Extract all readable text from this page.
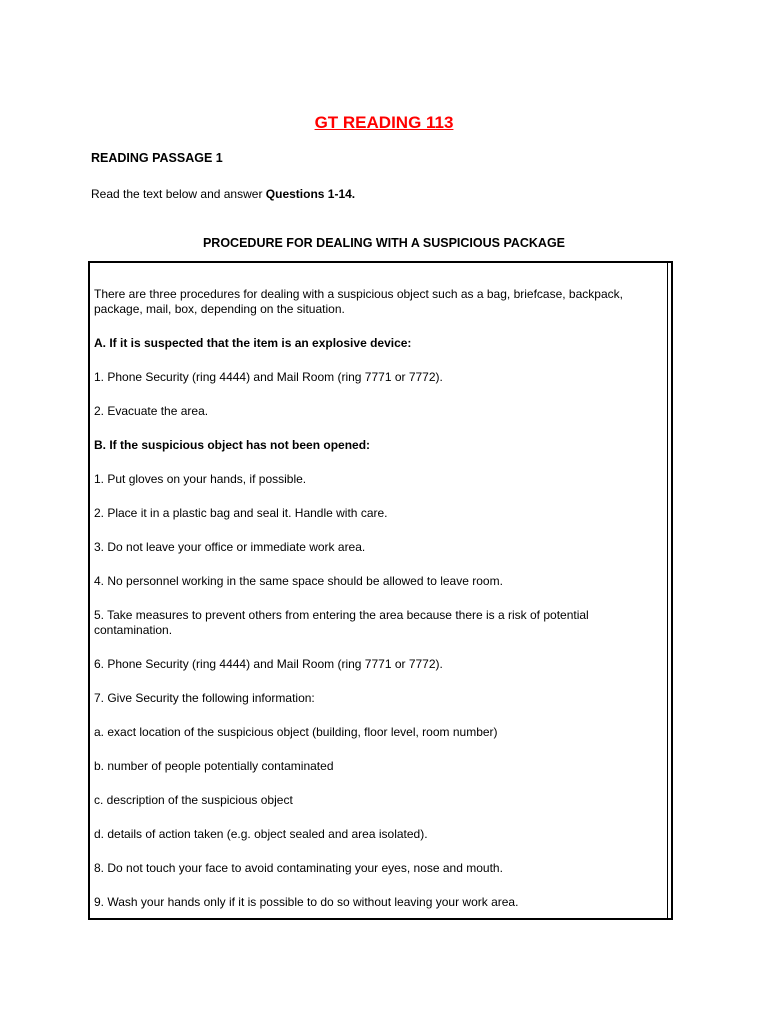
GT READING 113

READING PASSAGE 1

Read the text below and answer Questions 1-14.

PROCEDURE FOR DEALING WITH A SUSPICIOUS PACKAGE

There are three procedures for dealing with a suspicious object such as a bag, briefcase, backpack, package, mail, box, depending on the situation.

A. If it is suspected that the item is an explosive device:

1. Phone Security (ring 4444) and Mail Room (ring 7771 or 7772).

2. Evacuate the area.

B. If the suspicious object has not been opened:

1. Put gloves on your hands, if possible.

2. Place it in a plastic bag and seal it. Handle with care.

3. Do not leave your office or immediate work area.

4. No personnel working in the same space should be allowed to leave room.

5. Take measures to prevent others from entering the area because there is a risk of potential contamination.

6. Phone Security (ring 4444) and Mail Room (ring 7771 or 7772).

7. Give Security the following information:

a. exact location of the suspicious object (building, floor level, room number)

b. number of people potentially contaminated

c. description of the suspicious object

d. details of action taken (e.g. object sealed and area isolated).

8. Do not touch your face to avoid contaminating your eyes, nose and mouth.

9. Wash your hands only if it is possible to do so without leaving your work area.
